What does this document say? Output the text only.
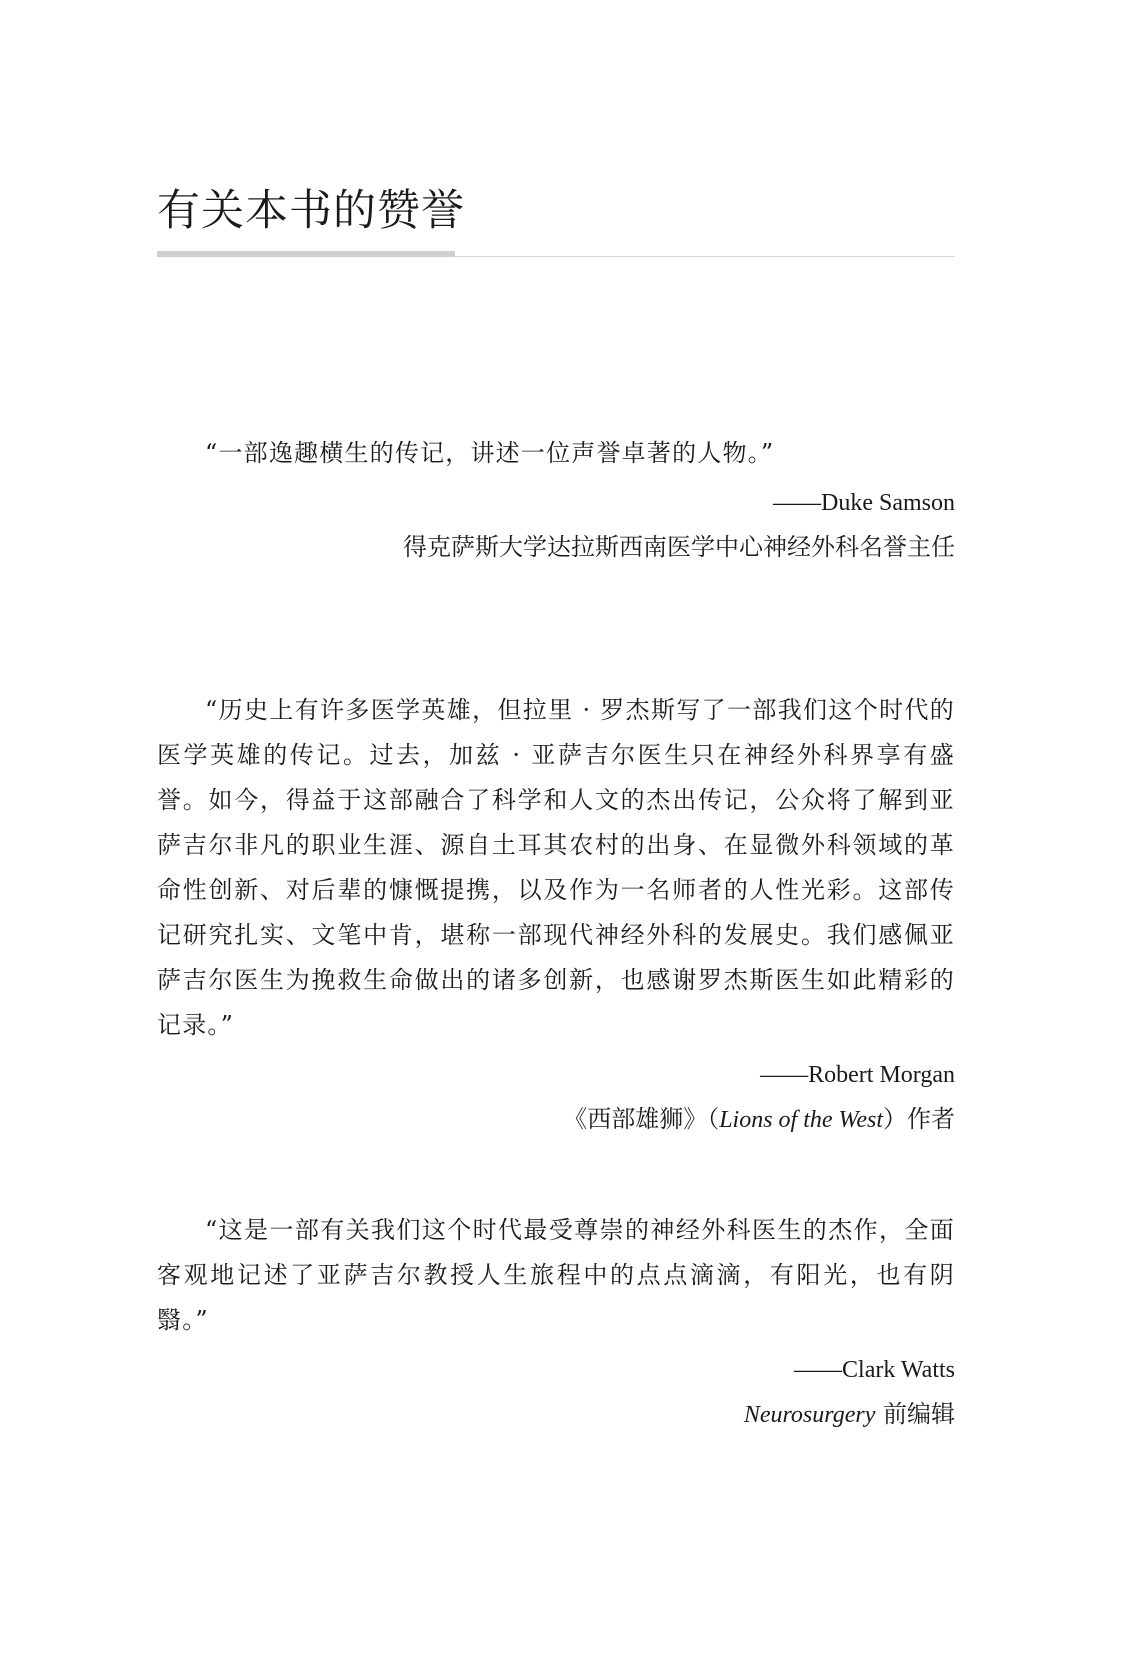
有关本书的赞誉

“一部逸趣横生的传记，讲述一位声誉卓著的人物。”

——Duke Samson

得克萨斯大学达拉斯西南医学中心神经外科名誉主任

“历史上有许多医学英雄，但拉里 · 罗杰斯写了一部我们这个时代的医学英雄的传记。过去，加兹 · 亚萨吉尔医生只在神经外科界享有盛誉。如今，得益于这部融合了科学和人文的杰出传记，公众将了解到亚萨吉尔非凡的职业生涯、源自土耳其农村的出身、在显微外科领域的革命性创新、对后辈的慷慨提携，以及作为一名师者的人性光彩。这部传记研究扎实、文笔中肯，堪称一部现代神经外科的发展史。我们感佩亚萨吉尔医生为挽救生命做出的诸多创新，也感谢罗杰斯医生如此精彩的记录。”

——Robert Morgan

《西部雄狮》（Lions of the West）作者

“这是一部有关我们这个时代最受尊崇的神经外科医生的杰作，全面客观地记述了亚萨吉尔教授人生旅程中的点点滴滴，有阳光，也有阴翳。”

——Clark Watts

Neurosurgery 前编辑
